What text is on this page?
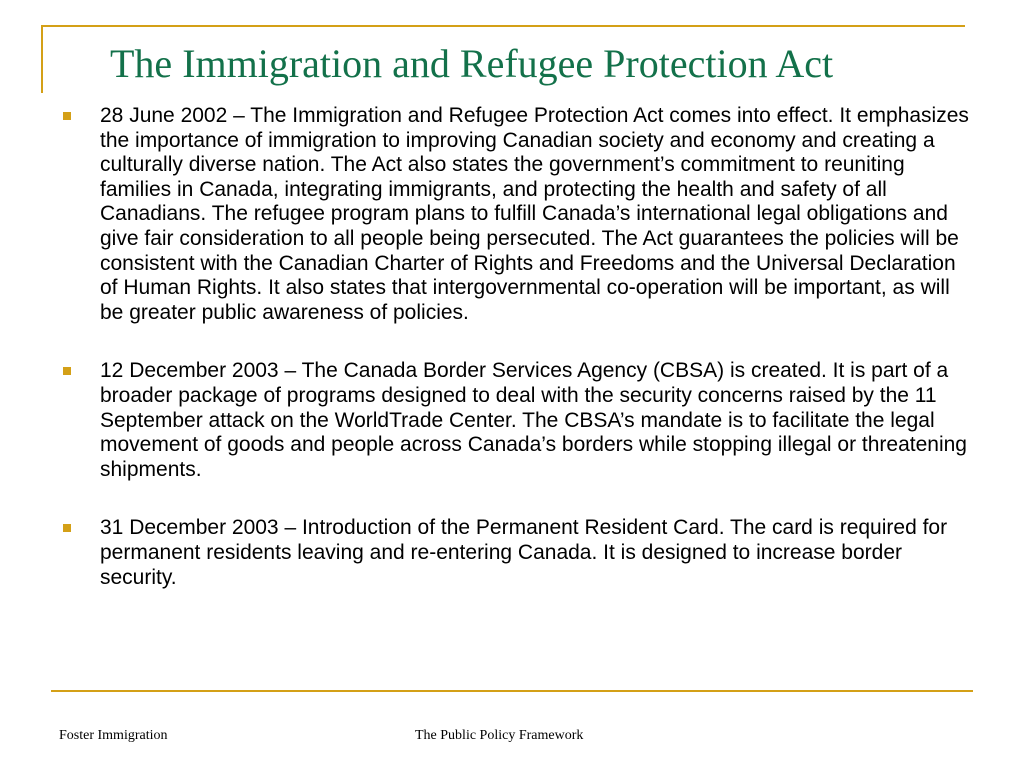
The Immigration and Refugee Protection Act
28 June 2002 – The Immigration and Refugee Protection Act comes into effect. It emphasizes the importance of immigration to improving Canadian society and economy and creating a culturally diverse nation. The Act also states the government’s commitment to reuniting families in Canada, integrating immigrants, and protecting the health and safety of all Canadians. The refugee program plans to fulfill Canada’s international legal obligations and give fair consideration to all people being persecuted. The Act guarantees the policies will be consistent with the Canadian Charter of Rights and Freedoms and the Universal Declaration of Human Rights. It also states that intergovernmental co-operation will be important, as will be greater public awareness of policies.
12 December 2003 – The Canada Border Services Agency (CBSA) is created. It is part of a broader package of programs designed to deal with the security concerns raised by the 11 September attack on the WorldTrade Center. The CBSA’s mandate is to facilitate the legal movement of goods and people across Canada’s borders while stopping illegal or threatening shipments.
31 December 2003 – Introduction of the Permanent Resident Card. The card is required for permanent residents leaving and re-entering Canada. It is designed to increase border security.
Foster Immigration	The Public Policy Framework
